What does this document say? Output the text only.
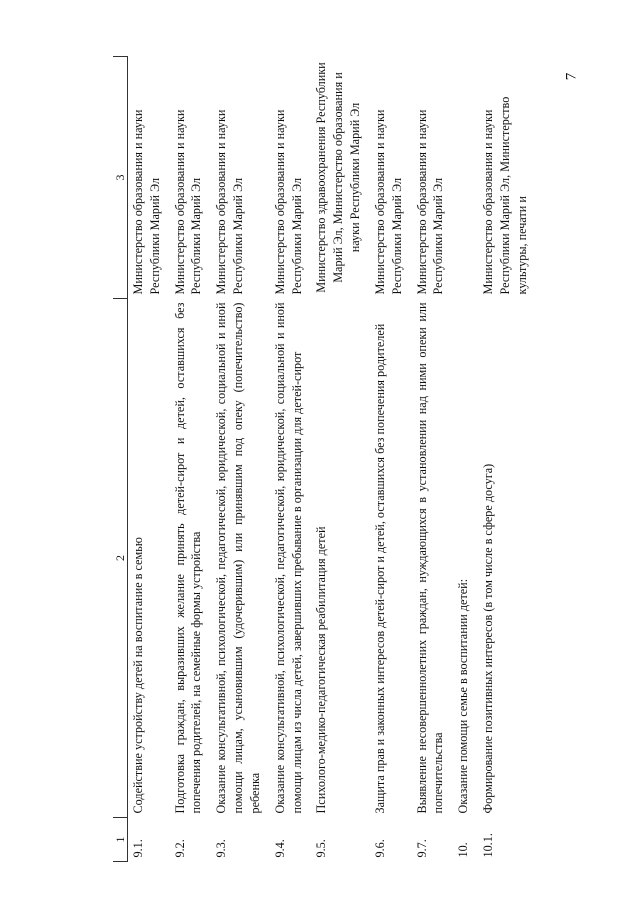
7
1	2	3
9.1.	Содействие устройству детей на воспитание в семью	Министерство образования и науки Республики Марий Эл
9.2.	Подготовка граждан, выразивших желание принять детей-сирот и детей, оставшихся без попечения родителей, на семейные формы устройства	Министерство образования и науки Республики Марий Эл
9.3.	Оказание консультативной, психологической, педагогической, юридической, социальной и иной помощи лицам, усыновившим (удочерившим) или принявшим под опеку (попечительство) ребенка	Министерство образования и науки Республики Марий Эл
9.4.	Оказание консультативной, психологической, педагогической, юридической, социальной и иной помощи лицам из числа детей, завершивших пребывание в организации для детей-сирот	Министерство образования и науки Республики Марий Эл
9.5.	Психолого-медико-педагогическая реабилитация детей	Министерство здравоохранения Республики Марий Эл, Министерство образования и науки Республики Марий Эл
9.6.	Защита прав и законных интересов детей-сирот и детей, оставшихся без попечения родителей	Министерство образования и науки Республики Марий Эл
9.7.	Выявление несовершеннолетних граждан, нуждающихся в установлении над ними опеки или попечительства	Министерство образования и науки Республики Марий Эл
10.	Оказание помощи семье в воспитании детей:	
10.1.	Формирование позитивных интересов (в том числе в сфере досуга)	Министерство образования и науки Республики Марий Эл, Министерство культуры, печати и
